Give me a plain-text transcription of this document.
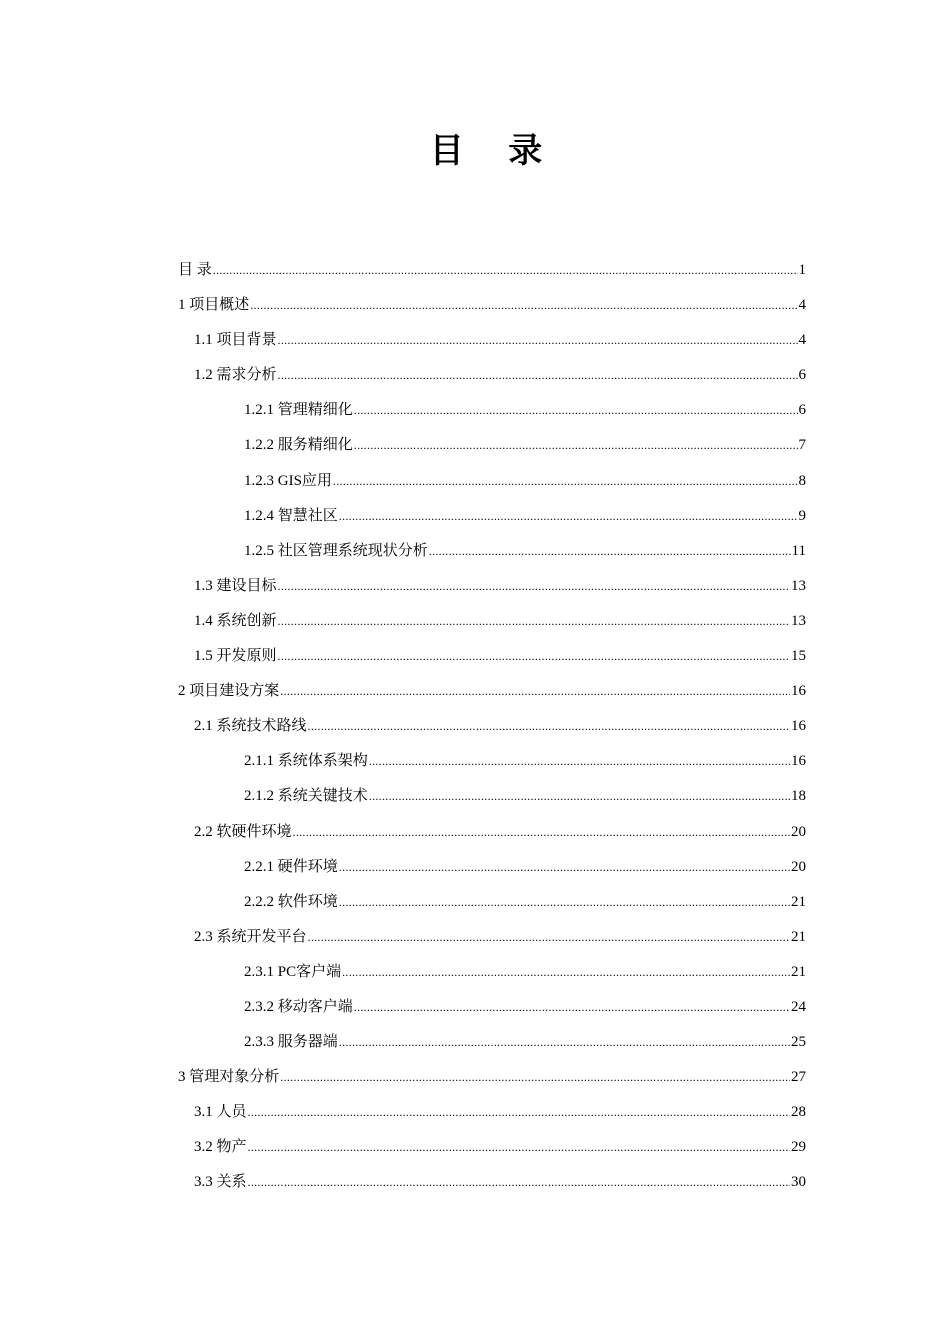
目 录
目 录 .....	1
1 项目概述 .....	4
1.1 项目背景 .....	4
1.2 需求分析 .....	6
1.2.1 管理精细化 .....	6
1.2.2 服务精细化 .....	7
1.2.3 GIS应用 .....	8
1.2.4 智慧社区 .....	9
1.2.5 社区管理系统现状分析 .....	11
1.3 建设目标 .....	13
1.4 系统创新 .....	13
1.5 开发原则 .....	15
2 项目建设方案 .....	16
2.1 系统技术路线 .....	16
2.1.1 系统体系架构 .....	16
2.1.2 系统关键技术 .....	18
2.2 软硬件环境 .....	20
2.2.1 硬件环境 .....	20
2.2.2 软件环境 .....	21
2.3 系统开发平台 .....	21
2.3.1 PC客户端 .....	21
2.3.2 移动客户端 .....	24
2.3.3 服务器端 .....	25
3 管理对象分析 .....	27
3.1 人员 .....	28
3.2 物产 .....	29
3.3 关系 .....	30
